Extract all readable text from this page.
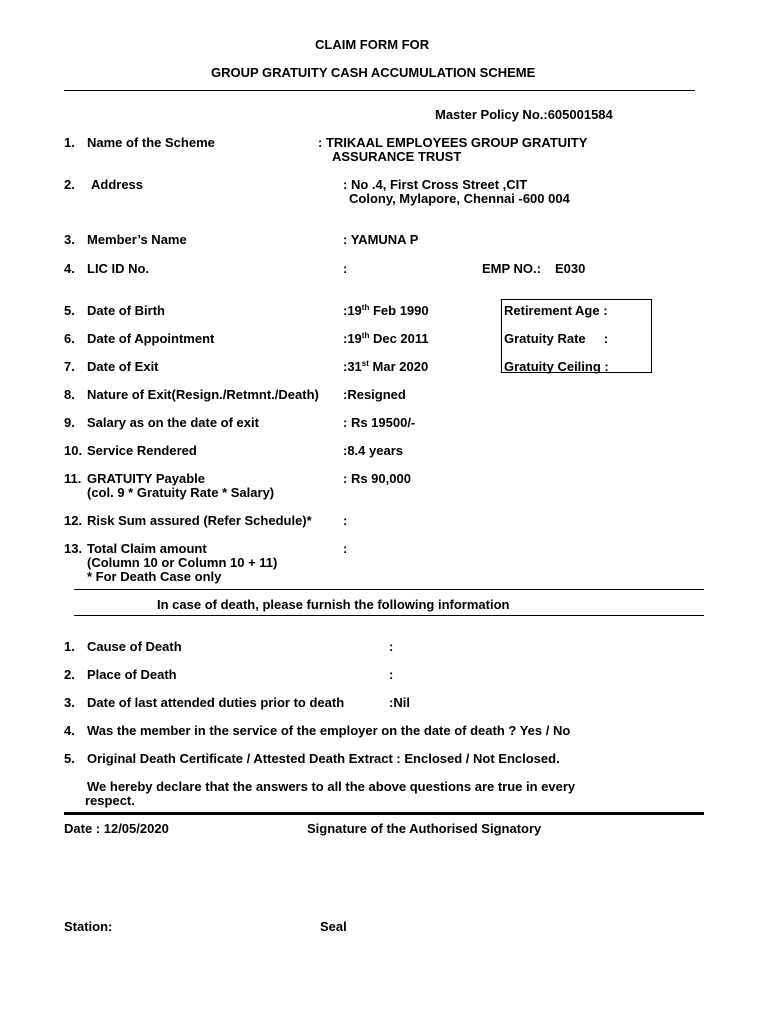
CLAIM FORM FOR
GROUP GRATUITY CASH ACCUMULATION SCHEME
Master Policy No.:605001584
1. Name of the Scheme	: TRIKAAL EMPLOYEES GROUP GRATUITY
ASSURANCE TRUST
2. Address	: No .4, First Cross Street ,CIT
Colony, Mylapore, Chennai -600 004
3. Member’s Name	: YAMUNA P
4. LIC ID No.	:	EMP NO.: E030
5. Date of Birth	:19th Feb 1990
6. Date of Appointment	:19th Dec 2011
7. Date of Exit	:31st Mar 2020
Retirement Age :
Gratuity Rate     :
Gratuity Ceiling :
8. Nature of Exit(Resign./Retmnt./Death) :Resigned
9. Salary as on the date of exit	: Rs 19500/-
10. Service Rendered	:8.4 years
11. GRATUITY Payable
(col. 9 * Gratuity Rate * Salary)
: Rs 90,000
12. Risk Sum assured (Refer Schedule)* :
13. Total Claim amount
(Column 10 or Column 10 + 11)
* For Death Case only
:
In case of death, please furnish the following information
1. Cause of Death	:
2. Place of Death	:
3. Date of last attended duties prior to death	:Nil
4. Was the member in the service of the employer on the date of death ? Yes / No
5. Original Death Certificate / Attested Death Extract : Enclosed / Not Enclosed.
We hereby declare that the answers to all the above questions are true in every
respect.
Date : 12/05/2020	Signature of the Authorised Signatory
Station:	Seal
